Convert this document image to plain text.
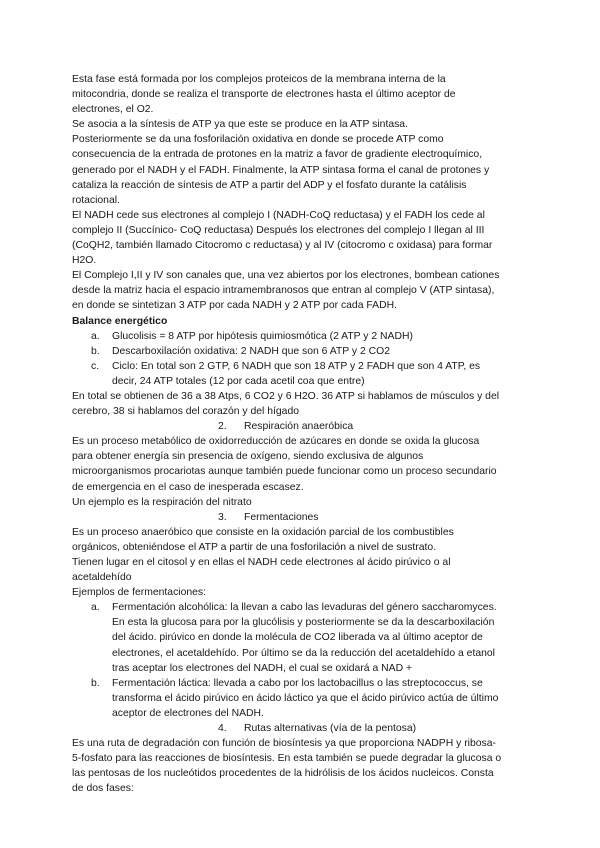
Esta fase está formada por los complejos proteicos de la membrana interna de la mitocondria, donde se realiza el transporte de electrones hasta el último aceptor de electrones, el O2.

Se asocia a la síntesis de ATP ya que este se produce en la ATP sintasa.

Posteriormente se da una fosforilación oxidativa en donde se procede ATP como consecuencia de la entrada de protones en la matriz a favor de gradiente electroquímico, generado por el NADH y el FADH. Finalmente, la ATP sintasa forma el canal de protones y cataliza la reacción de síntesis de ATP a partir del ADP y el fosfato durante la catálisis rotacional.

El NADH cede sus electrones al complejo I (NADH-CoQ reductasa) y el FADH los cede al complejo II (Succínico- CoQ reductasa) Después los electrones del complejo I llegan al III (CoQH2, también llamado Citocromo c reductasa) y al IV (citocromo c oxidasa) para formar H2O.

El Complejo I,II y IV son canales que, una vez abiertos por los electrones, bombean cationes desde la matriz hacia el espacio intramembranosos que entran al complejo V (ATP sintasa), en donde se sintetizan 3 ATP por cada NADH y 2 ATP por cada FADH.

Balance energético

a.	Glucolisis = 8 ATP por hipótesis quimiosmótica (2 ATP y 2 NADH)
b.	Descarboxilación oxidativa: 2 NADH que son 6 ATP y 2 CO2
c.	Ciclo: En total son 2 GTP, 6 NADH que son 18 ATP y 2 FADH que son 4 ATP, es decir, 24 ATP totales (12 por cada acetil coa que entre)

En total se obtienen de 36 a 38 Atps, 6 CO2 y 6 H2O. 36 ATP si hablamos de músculos y del cerebro, 38 si hablamos del corazón y del hígado

2. Respiración anaeróbica

Es un proceso metabólico de oxidorreducción de azúcares en donde se oxida la glucosa para obtener energía sin presencia de oxígeno, siendo exclusiva de algunos microorganismos procariotas aunque también puede funcionar como un proceso secundario de emergencia en el caso de inesperada escasez.

Un ejemplo es la respiración del nitrato

3. Fermentaciones

Es un proceso anaeróbico que consiste en la oxidación parcial de los combustibles orgánicos, obteniéndose el ATP a partir de una fosforilación a nivel de sustrato.

Tienen lugar en el citosol y en ellas el NADH cede electrones al ácido pirúvico o al acetaldehído

Ejemplos de fermentaciones:

a.	Fermentación alcohólica: la llevan a cabo las levaduras del género saccharomyces. En esta la glucosa para por la glucólisis y posteriormente se da la descarboxilación del ácido. pirúvico en donde la molécula de CO2 liberada va al último aceptor de electrones, el acetaldehído. Por último se da la reducción del acetaldehído a etanol tras aceptar los electrones del NADH, el cual se oxidará a NAD +
b.	Fermentación láctica: llevada a cabo por los lactobacillus o las streptococcus, se transforma el ácido pirúvico en ácido láctico ya que el ácido pirúvico actúa de último aceptor de electrones del NADH.

4. Rutas alternativas (vía de la pentosa)

Es una ruta de degradación con función de biosíntesis ya que proporciona NADPH y ribosa-5-fosfato para las reacciones de biosíntesis. En esta también se puede degradar la glucosa o las pentosas de los nucleótidos procedentes de la hidrólisis de los ácidos nucleicos. Consta de dos fases:
